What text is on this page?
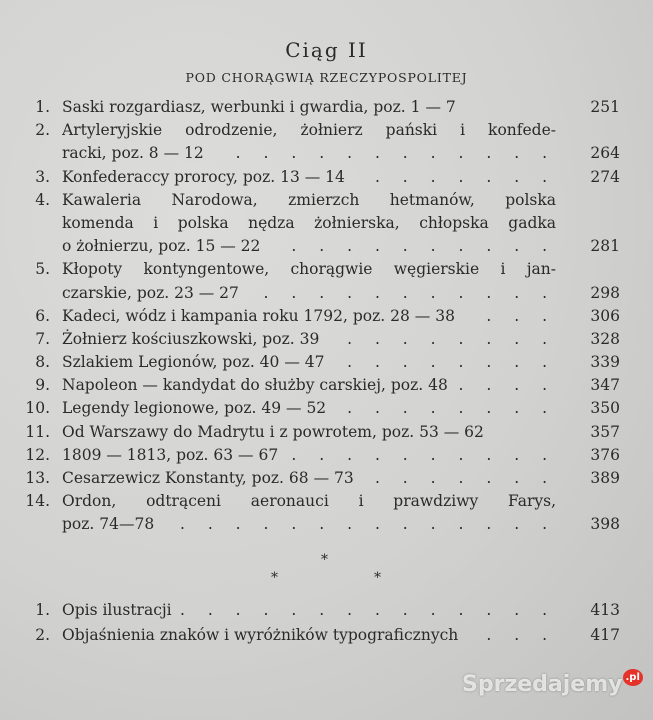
Ciąg II
POD CHORĄGWIĄ RZECZYPOSPOLITEJ
1. Saski rozgardiasz, werbunki i gwardia, poz. 1 — 7	251
2. Artyleryjskie odrodzenie, żołnierz pański i konfede-
racki, poz. 8 — 12 . . .	264
3. Konfederaccy prorocy, poz. 13 — 14 . . .	274
4. Kawaleria Narodowa, zmierzch hetmanów, polska
komenda i polska nędza żołnierska, chłopska gadka
o żołnierzu, poz. 15 — 22 . . .	281
5. Kłopoty kontyngentowe, chorągwie węgierskie i jan-
czarskie, poz. 23 — 27 . . .	298
6. Kadeci, wódz i kampania roku 1792, poz. 28 — 38 . . .	306
7. Żołnierz kościuszkowski, poz. 39 . . .	328
8. Szlakiem Legionów, poz. 40 — 47 . . .	339
9. Napoleon — kandydat do służby carskiej, poz. 48 . . .	347
10. Legendy legionowe, poz. 49 — 52 . . .	350
11. Od Warszawy do Madrytu i z powrotem, poz. 53 — 62	357
12. 1809 — 1813, poz. 63 — 67 . . .	376
13. Cesarzewicz Konstanty, poz. 68 — 73 . . .	389
14. Ordon, odtrąceni aeronauci i prawdziwy Farys,
poz. 74—78 . . .	398
*
*	*
1. Opis ilustracji . . .	413
2. Objaśnienia znaków i wyróżników typograficznych . . .	417
Sprzedajemy $^{.pl}$
